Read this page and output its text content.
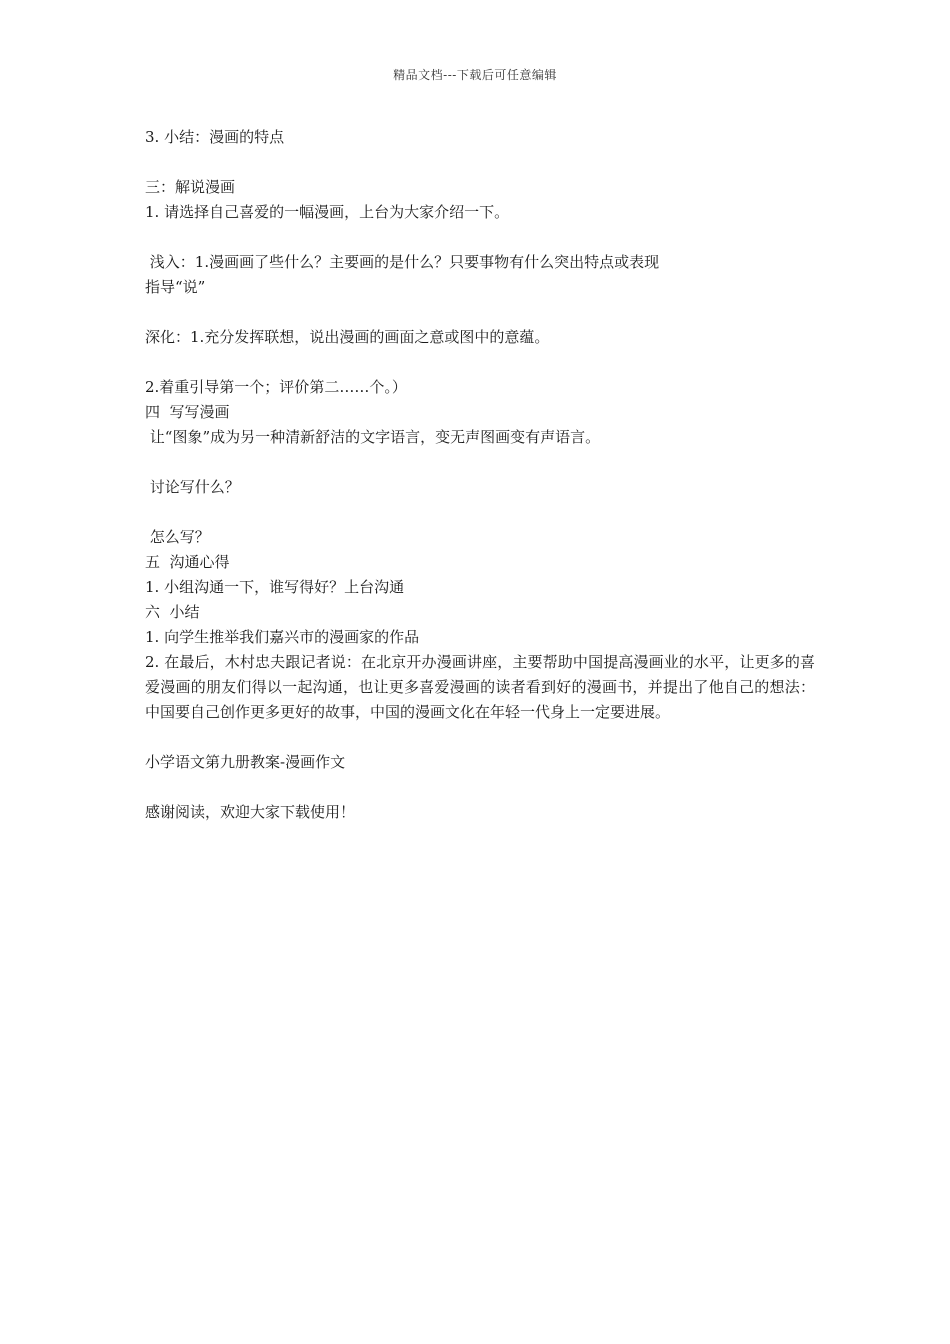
精品文档---下载后可任意编辑
3. 小结：漫画的特点
三：解说漫画
1. 请选择自己喜爱的一幅漫画，上台为大家介绍一下。
浅入：1.漫画画了些什么？主要画的是什么？只要事物有什么突出特点或表现
指导“说”
深化：1.充分发挥联想，说出漫画的画面之意或图中的意蕴。
2.着重引导第一个；评价第二……个。）
四  写写漫画
让“图象”成为另一种清新舒洁的文字语言，变无声图画变有声语言。
讨论写什么？
怎么写？
五  沟通心得
1. 小组沟通一下，谁写得好？上台沟通
六  小结
1. 向学生推举我们嘉兴市的漫画家的作品
2. 在最后，木村忠夫跟记者说：在北京开办漫画讲座，主要帮助中国提高漫画业的水平，让更多的喜爱漫画的朋友们得以一起沟通，也让更多喜爱漫画的读者看到好的漫画书，并提出了他自己的想法：中国要自己创作更多更好的故事，中国的漫画文化在年轻一代身上一定要进展。
小学语文第九册教案-漫画作文
感谢阅读，欢迎大家下载使用！
